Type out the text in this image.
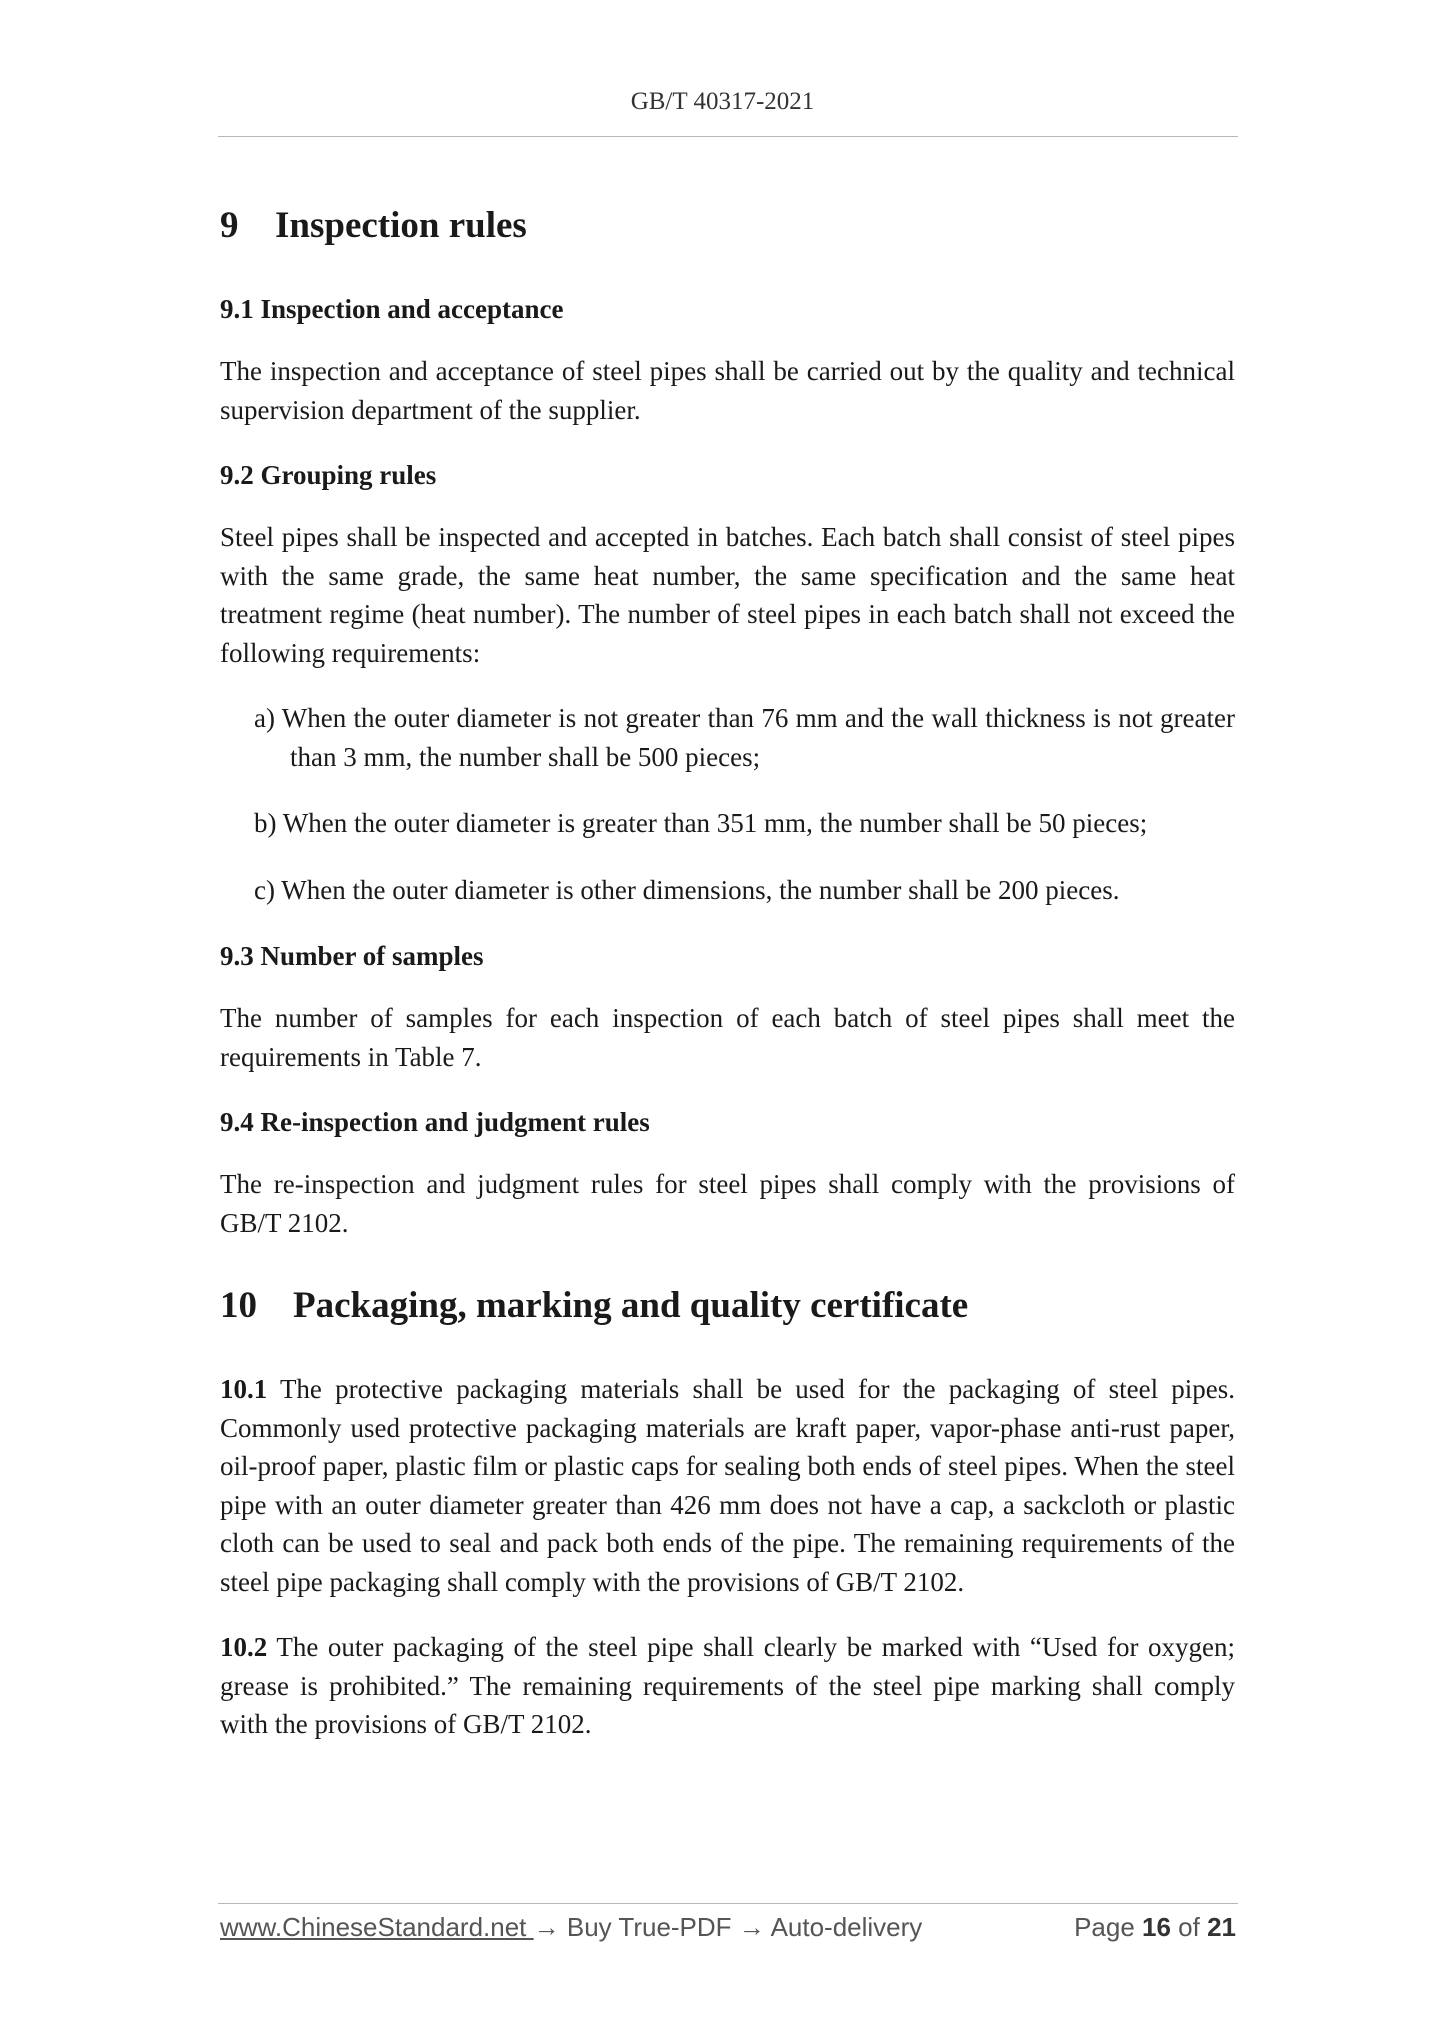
GB/T 40317-2021
9 Inspection rules
9.1 Inspection and acceptance
The inspection and acceptance of steel pipes shall be carried out by the quality and technical supervision department of the supplier.
9.2 Grouping rules
Steel pipes shall be inspected and accepted in batches. Each batch shall consist of steel pipes with the same grade, the same heat number, the same specification and the same heat treatment regime (heat number). The number of steel pipes in each batch shall not exceed the following requirements:
a) When the outer diameter is not greater than 76 mm and the wall thickness is not greater than 3 mm, the number shall be 500 pieces;
b) When the outer diameter is greater than 351 mm, the number shall be 50 pieces;
c) When the outer diameter is other dimensions, the number shall be 200 pieces.
9.3 Number of samples
The number of samples for each inspection of each batch of steel pipes shall meet the requirements in Table 7.
9.4 Re-inspection and judgment rules
The re-inspection and judgment rules for steel pipes shall comply with the provisions of GB/T 2102.
10 Packaging, marking and quality certificate
10.1 The protective packaging materials shall be used for the packaging of steel pipes. Commonly used protective packaging materials are kraft paper, vapor-phase anti-rust paper, oil-proof paper, plastic film or plastic caps for sealing both ends of steel pipes. When the steel pipe with an outer diameter greater than 426 mm does not have a cap, a sackcloth or plastic cloth can be used to seal and pack both ends of the pipe. The remaining requirements of the steel pipe packaging shall comply with the provisions of GB/T 2102.
10.2 The outer packaging of the steel pipe shall clearly be marked with “Used for oxygen; grease is prohibited.” The remaining requirements of the steel pipe marking shall comply with the provisions of GB/T 2102.
www.ChineseStandard.net → Buy True-PDF → Auto-delivery	Page 16 of 21
